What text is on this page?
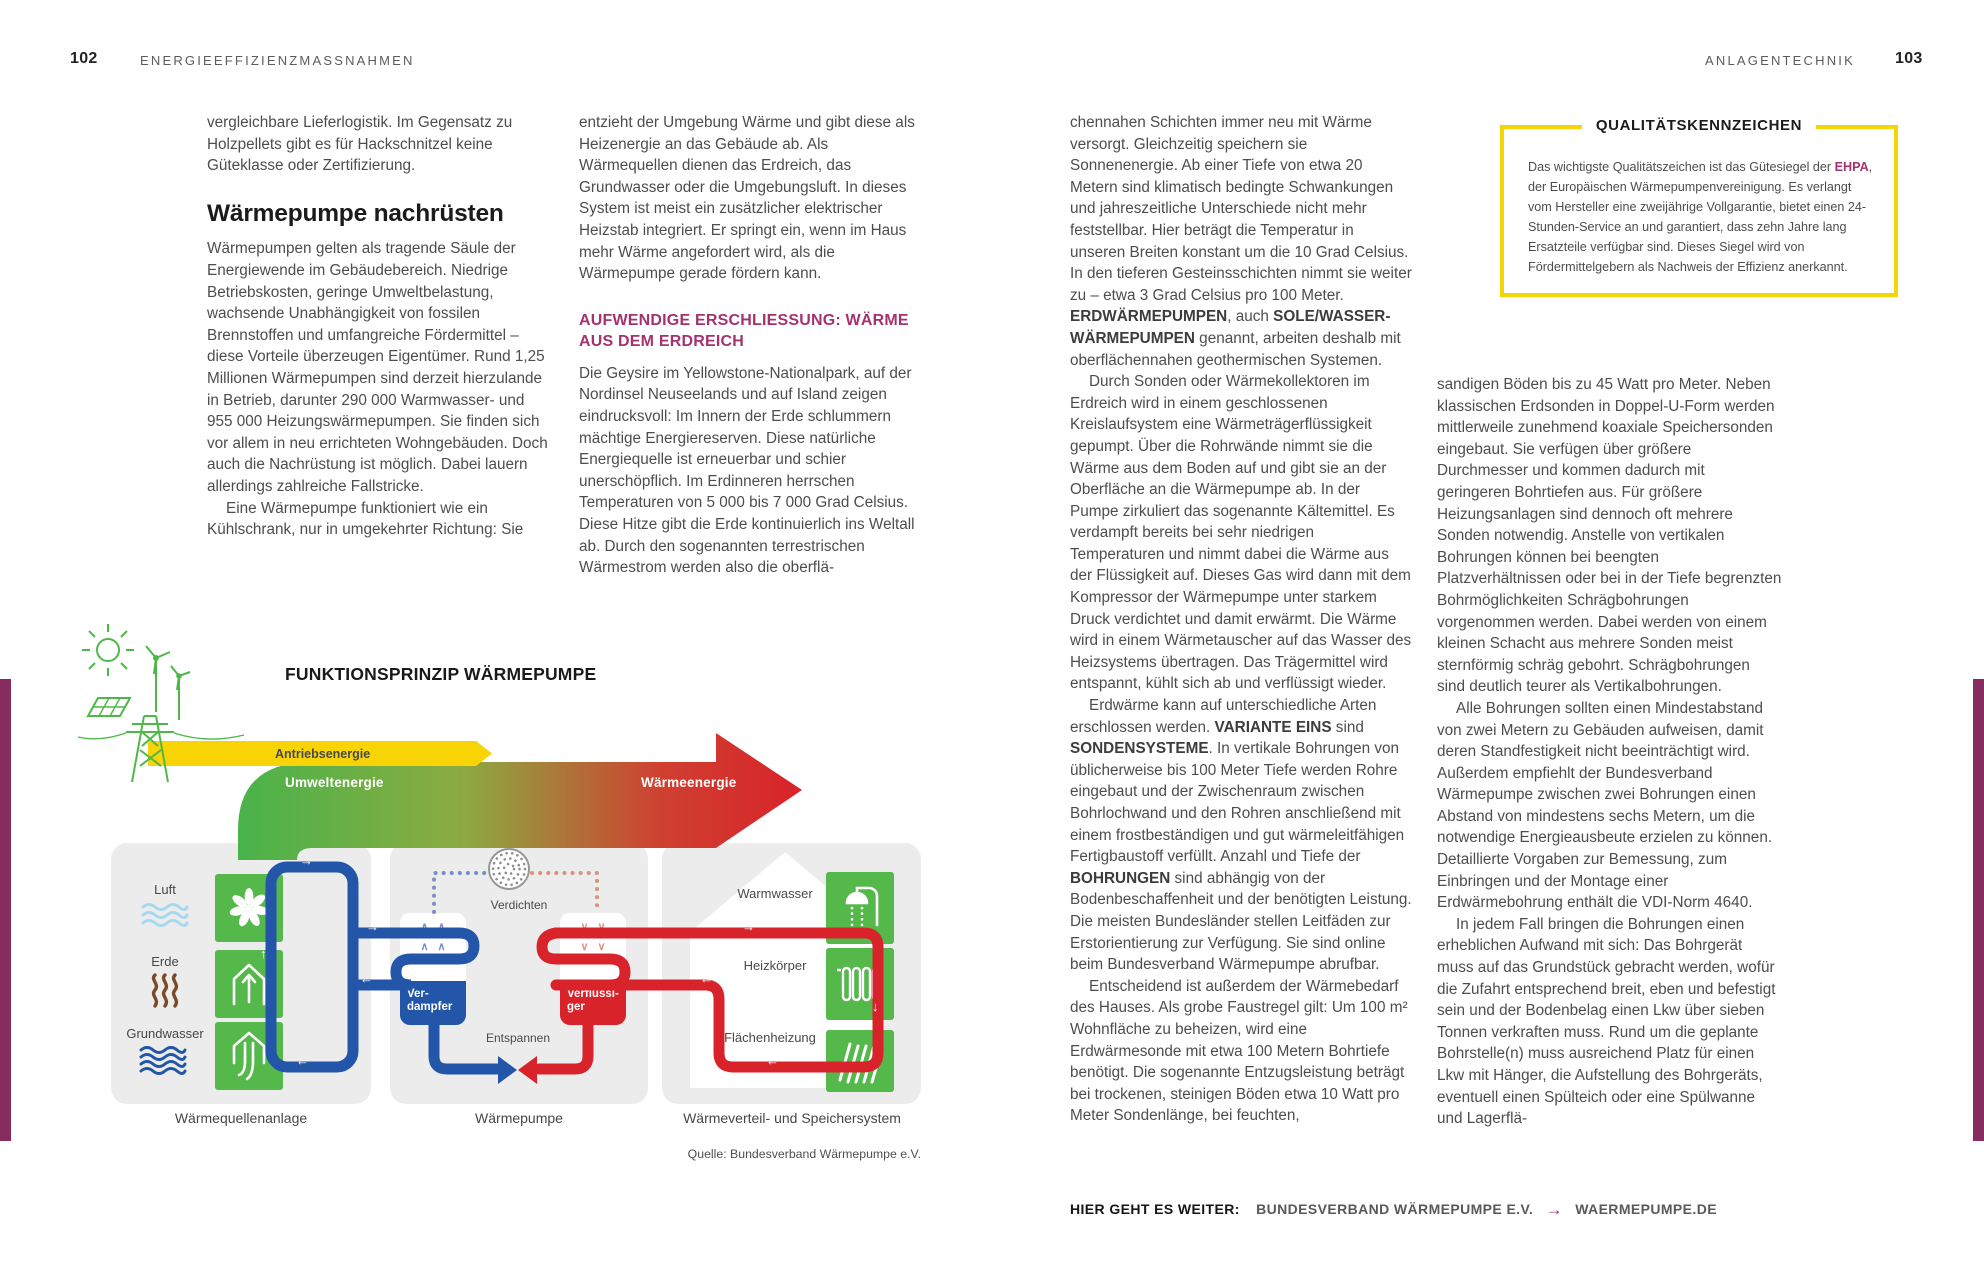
102	ENERGIEEFFIZIENZMASSNAHMEN	ANLAGENTECHNIK	103

vergleichbare Lieferlogistik. Im Gegensatz zu Holzpellets gibt es für Hackschnitzel keine Güteklasse oder Zertifizierung.

Wärmepumpe nachrüsten

Wärmepumpen gelten als tragende Säule der Energiewende im Gebäudebereich. Niedrige Betriebskosten, geringe Umweltbelastung, wachsende Unabhängigkeit von fossilen Brennstoffen und umfangreiche Fördermittel – diese Vorteile überzeugen Eigentümer. Rund 1,25 Millionen Wärmepumpen sind derzeit hierzulande in Betrieb, darunter 290 000 Warmwasser- und 955 000 Heizungswärmepumpen. Sie finden sich vor allem in neu errichteten Wohngebäuden. Doch auch die Nachrüstung ist möglich. Dabei lauern allerdings zahlreiche Fallstricke.

Eine Wärmepumpe funktioniert wie ein Kühlschrank, nur in umgekehrter Richtung: Sie

entzieht der Umgebung Wärme und gibt diese als Heizenergie an das Gebäude ab. Als Wärmequellen dienen das Erdreich, das Grundwasser oder die Umgebungsluft. In dieses System ist meist ein zusätzlicher elektrischer Heizstab integriert. Er springt ein, wenn im Haus mehr Wärme angefordert wird, als die Wärmepumpe gerade fördern kann.

AUFWENDIGE ERSCHLIESSUNG: WÄRME AUS DEM ERDREICH

Die Geysire im Yellowstone-Nationalpark, auf der Nordinsel Neuseelands und auf Island zeigen eindrucksvoll: Im Innern der Erde schlummern mächtige Energiereserven. Diese natürliche Energiequelle ist erneuerbar und schier unerschöpflich. Im Erdinneren herrschen Temperaturen von 5 000 bis 7 000 Grad Celsius. Diese Hitze gibt die Erde kontinuierlich ins Weltall ab. Durch den sogenannten terrestrischen Wärmestrom werden also die oberflä-

chennahen Schichten immer neu mit Wärme versorgt. Gleichzeitig speichern sie Sonnenenergie. Ab einer Tiefe von etwa 20 Metern sind klimatisch bedingte Schwankungen und jahreszeitliche Unterschiede nicht mehr feststellbar. Hier beträgt die Temperatur in unseren Breiten konstant um die 10 Grad Celsius. In den tieferen Gesteinsschichten nimmt sie weiter zu – etwa 3 Grad Celsius pro 100 Meter. ERDWÄRMEPUMPEN, auch SOLE/WASSER-WÄRMEPUMPEN genannt, arbeiten deshalb mit oberflächennahen geothermischen Systemen.

Durch Sonden oder Wärmekollektoren im Erdreich wird in einem geschlossenen Kreislaufsystem eine Wärmeträgerflüssigkeit gepumpt. Über die Rohrwände nimmt sie die Wärme aus dem Boden auf und gibt sie an der Oberfläche an die Wärmepumpe ab. In der Pumpe zirkuliert das sogenannte Kältemittel. Es verdampft bereits bei sehr niedrigen Temperaturen und nimmt dabei die Wärme aus der Flüssigkeit auf. Dieses Gas wird dann mit dem Kompressor der Wärmepumpe unter starkem Druck verdichtet und damit erwärmt. Die Wärme wird in einem Wärmetauscher auf das Wasser des Heizsystems übertragen. Das Trägermittel wird entspannt, kühlt sich ab und verflüssigt wieder.

Erdwärme kann auf unterschiedliche Arten erschlossen werden. VARIANTE EINS sind SONDENSYSTEME. In vertikale Bohrungen von üblicherweise bis 100 Meter Tiefe werden Rohre eingebaut und der Zwischenraum zwischen Bohrlochwand und den Rohren anschließend mit einem frostbeständigen und gut wärmeleitfähigen Fertigbaustoff verfüllt. Anzahl und Tiefe der BOHRUNGEN sind abhängig von der Bodenbeschaffenheit und der benötigten Leistung. Die meisten Bundesländer stellen Leitfäden zur Erstorientierung zur Verfügung. Sie sind online beim Bundesverband Wärmepumpe abrufbar.

Entscheidend ist außerdem der Wärmebedarf des Hauses. Als grobe Faustregel gilt: Um 100 m² Wohnfläche zu beheizen, wird eine Erdwärmesonde mit etwa 100 Metern Bohrtiefe benötigt. Die sogenannte Entzugsleistung beträgt bei trockenen, steinigen Böden etwa 10 Watt pro Meter Sondenlänge, bei feuchten,

sandigen Böden bis zu 45 Watt pro Meter. Neben klassischen Erdsonden in Doppel-U-Form werden mittlerweile zunehmend koaxiale Speichersonden eingebaut. Sie verfügen über größere Durchmesser und kommen dadurch mit geringeren Bohrtiefen aus. Für größere Heizungsanlagen sind dennoch oft mehrere Sonden notwendig. Anstelle von vertikalen Bohrungen können bei beengten Platzverhältnissen oder bei in der Tiefe begrenzten Bohrmöglichkeiten Schrägbohrungen vorgenommen werden. Dabei werden von einem kleinen Schacht aus mehrere Sonden meist sternförmig schräg gebohrt. Schrägbohrungen sind deutlich teurer als Vertikalbohrungen.

Alle Bohrungen sollten einen Mindestabstand von zwei Metern zu Gebäuden aufweisen, damit deren Standfestigkeit nicht beeinträchtigt wird. Außerdem empfiehlt der Bundesverband Wärmepumpe zwischen zwei Bohrungen einen Abstand von mindestens sechs Metern, um die notwendige Energieausbeute erzielen zu können. Detaillierte Vorgaben zur Bemessung, zum Einbringen und der Montage einer Erdwärmebohrung enthält die VDI-Norm 4640.

In jedem Fall bringen die Bohrungen einen erheblichen Aufwand mit sich: Das Bohrgerät muss auf das Grundstück gebracht werden, wofür die Zufahrt entsprechend breit, eben und befestigt sein und der Bodenbelag einen Lkw über sieben Tonnen verkraften muss. Rund um die geplante Bohrstelle(n) muss ausreichend Platz für einen Lkw mit Hänger, die Aufstellung des Bohrgeräts, eventuell einen Spülteich oder eine Spülwanne und Lagerflä-

QUALITÄTSKENNZEICHEN
Das wichtigste Qualitätszeichen ist das Gütesiegel der EHPA, der Europäischen Wärmepumpenvereinigung. Es verlangt vom Hersteller eine zweijährige Vollgarantie, bietet einen 24-Stunden-Service an und garantiert, dass zehn Jahre lang Ersatzteile verfügbar sind. Dieses Siegel wird von Fördermittelgebern als Nachweis der Effizienz anerkannt.
HIER GEHT ES WEITER: BUNDESVERBAND WÄRMEPUMPE E.V. → WAERMEPUMPE.DE
∧∧
∧∧
Ver-
dampfer
∨∨
∨∨
Verflüssi-
ger
FUNKTIONSPRINZIP WÄRMEPUMPE
Antriebsenergie
Umweltenergie	Wärmeenergie
Luft
Erde
Grundwasser
Verdichten
Entspannen
Warmwasser
Heizkörper
Flächenheizung
→
↑
←
→
←
→
←
↓
←
Wärmequellenanlage	Wärmepumpe	Wärmeverteil- und Speichersystem
Quelle: Bundesverband Wärmepumpe e.V.
